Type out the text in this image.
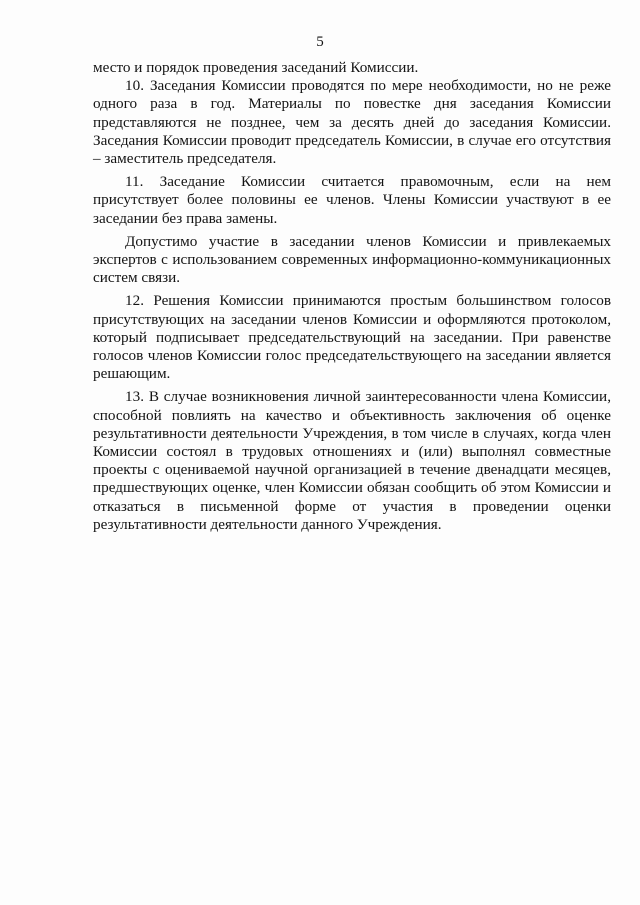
5

место и порядок проведения заседаний Комиссии.

10. Заседания Комиссии проводятся по мере необходимости, но не реже одного раза в год. Материалы по повестке дня заседания Комиссии представляются не позднее, чем за десять дней до заседания Комиссии. Заседания Комиссии проводит председатель Комиссии, в случае его отсутствия – заместитель председателя.

11. Заседание Комиссии считается правомочным, если на нем присутствует более половины ее членов. Члены Комиссии участвуют в ее заседании без права замены.

Допустимо участие в заседании членов Комиссии и привлекаемых экспертов с использованием современных информационно-коммуникационных систем связи.

12. Решения Комиссии принимаются простым большинством голосов присутствующих на заседании членов Комиссии и оформляются протоколом, который подписывает председательствующий на заседании. При равенстве голосов членов Комиссии голос председательствующего на заседании является решающим.

13. В случае возникновения личной заинтересованности члена Комиссии, способной повлиять на качество и объективность заключения об оценке результативности деятельности Учреждения, в том числе в случаях, когда член Комиссии состоял в трудовых отношениях и (или) выполнял совместные проекты с оцениваемой научной организацией в течение двенадцати месяцев, предшествующих оценке, член Комиссии обязан сообщить об этом Комиссии и отказаться в письменной форме от участия в проведении оценки результативности деятельности данного Учреждения.
